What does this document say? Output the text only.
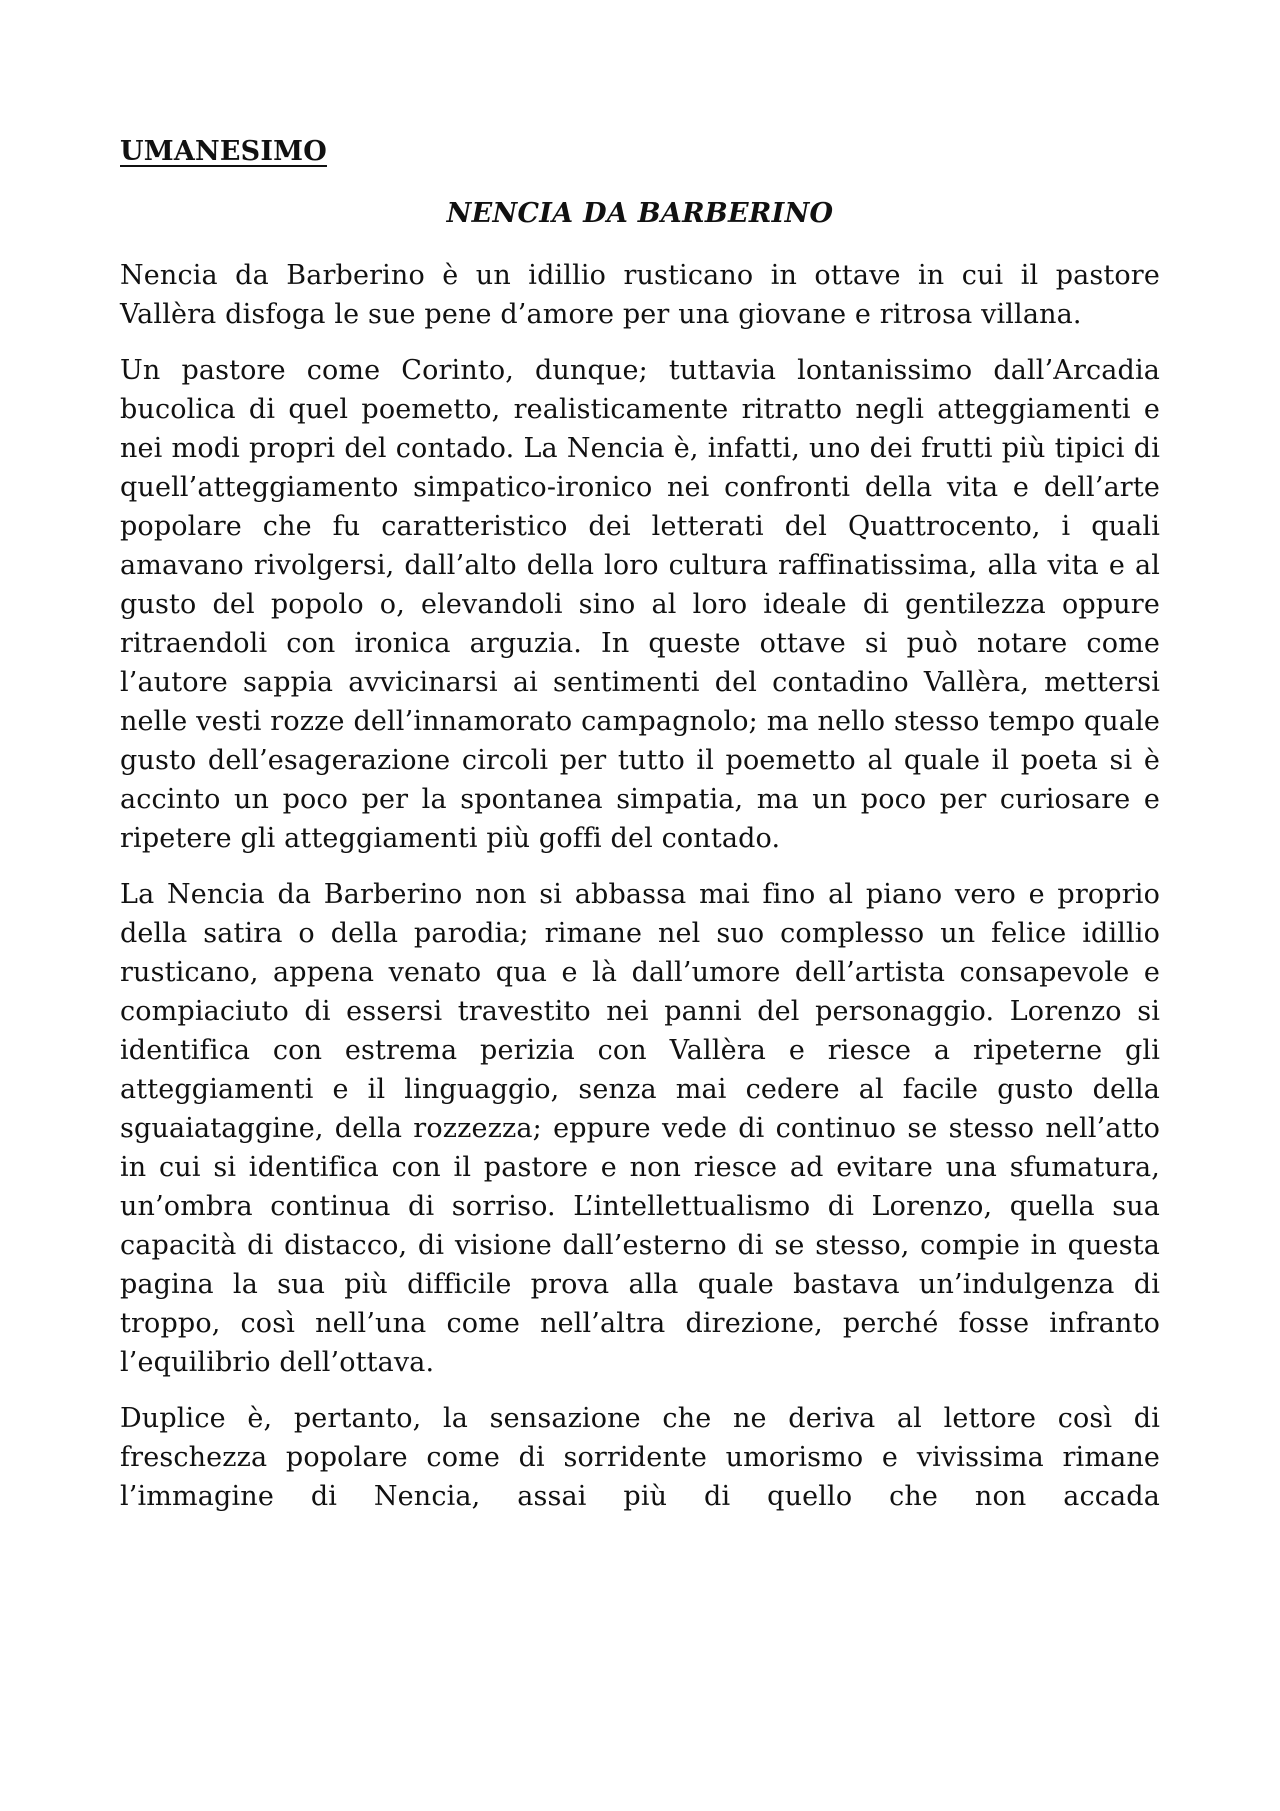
UMANESIMO
NENCIA DA BARBERINO

Nencia da Barberino è un idillio rusticano in ottave in cui il pastore Vallèra disfoga le sue pene d’amore per una giovane e ritrosa villana.

Un pastore come Corinto, dunque; tuttavia lontanissimo dall’Arcadia bucolica di quel poemetto, realisticamente ritratto negli atteggiamenti e nei modi propri del contado. La Nencia è, infatti, uno dei frutti più tipici di quell’atteggiamento simpatico-ironico nei confronti della vita e dell’arte popolare che fu caratteristico dei letterati del Quattrocento, i quali amavano rivolgersi, dall’alto della loro cultura raffinatissima, alla vita e al gusto del popolo o, elevandoli sino al loro ideale di gentilezza oppure ritraendoli con ironica arguzia. In queste ottave si può notare come l’autore sappia avvicinarsi ai sentimenti del contadino Vallèra, mettersi nelle vesti rozze dell’innamorato campagnolo; ma nello stesso tempo quale gusto dell’esagerazione circoli per tutto il poemetto al quale il poeta si è accinto un poco per la spontanea simpatia, ma un poco per curiosare e ripetere gli atteggiamenti più goffi del contado.

La Nencia da Barberino non si abbassa mai fino al piano vero e proprio della satira o della parodia; rimane nel suo complesso un felice idillio rusticano, appena venato qua e là dall’umore dell’artista consapevole e compiaciuto di essersi travestito nei panni del personaggio. Lorenzo si identifica con estrema perizia con Vallèra e riesce a ripeterne gli atteggiamenti e il linguaggio, senza mai cedere al facile gusto della sguaiataggine, della rozzezza; eppure vede di continuo se stesso nell’atto in cui si identifica con il pastore e non riesce ad evitare una sfumatura, un’ombra continua di sorriso. L’intellettualismo di Lorenzo, quella sua capacità di distacco, di visione dall’esterno di se stesso, compie in questa pagina la sua più difficile prova alla quale bastava un’indulgenza di troppo, così nell’una come nell’altra direzione, perché fosse infranto l’equilibrio dell’ottava.

Duplice è, pertanto, la sensazione che ne deriva al lettore così di freschezza popolare come di sorridente umorismo e vivissima rimane l’immagine di Nencia, assai più di quello che non accada
